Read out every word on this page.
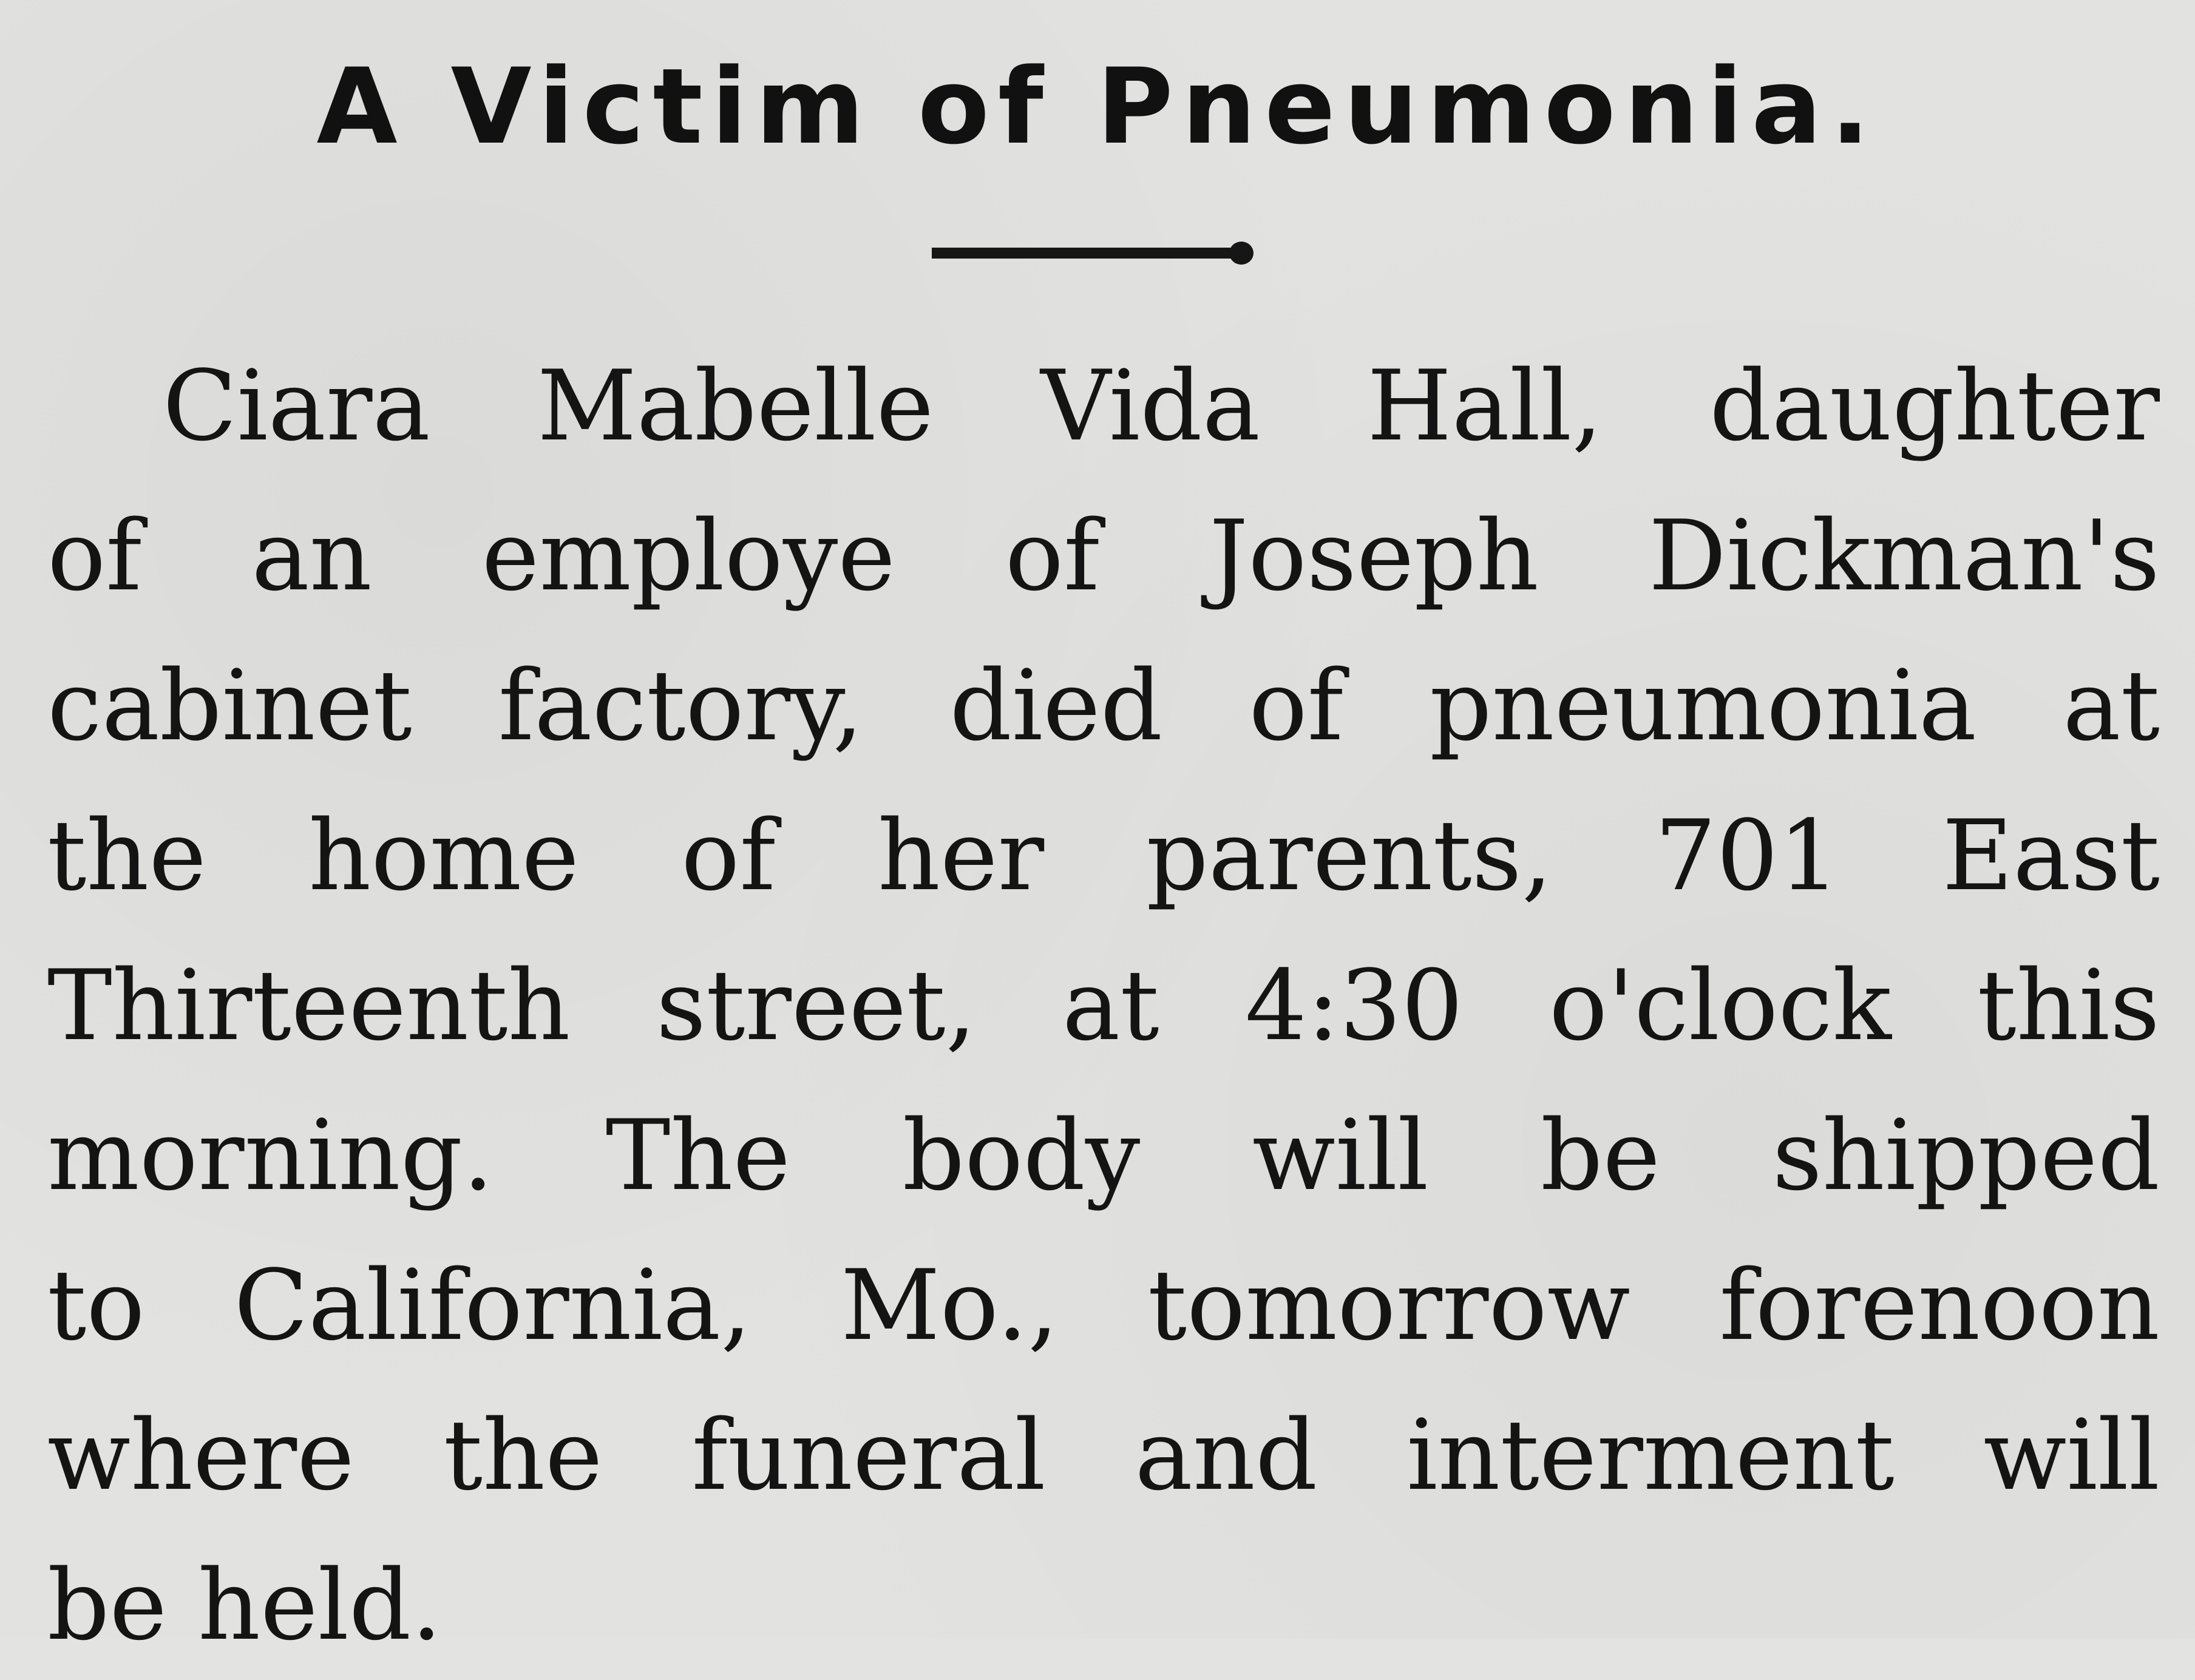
A Victim of Pneumonia.
Ciara Mabelle Vida Hall, daughter
of an employe of Joseph Dickman's
cabinet factory, died of pneumonia at
the home of her parents, 701 East
Thirteenth street, at 4:30 o'clock this
morning. The body will be shipped
to California, Mo., tomorrow forenoon
where the funeral and interment will
be held.
